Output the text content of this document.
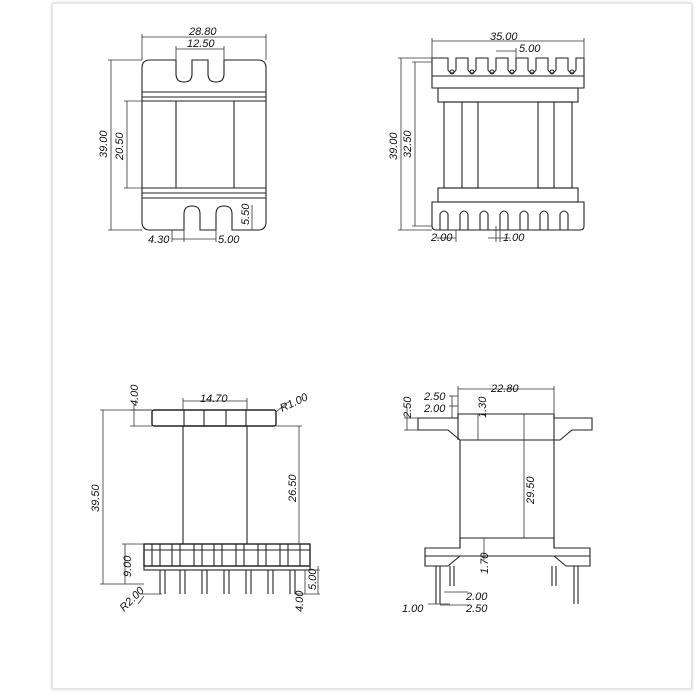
28.80
12.50
39.00 20.50
5.50
4.30	5.00
35.00
5.00
39.00 32.50
2.00	1.00
4.00	14.70	R1.00
39.50	26.50
9.00
R2.00	4.00
5.00
22.80
2.50
2.00
2.50	1.30
29.50
1.70
2.00
2.50
1.00
